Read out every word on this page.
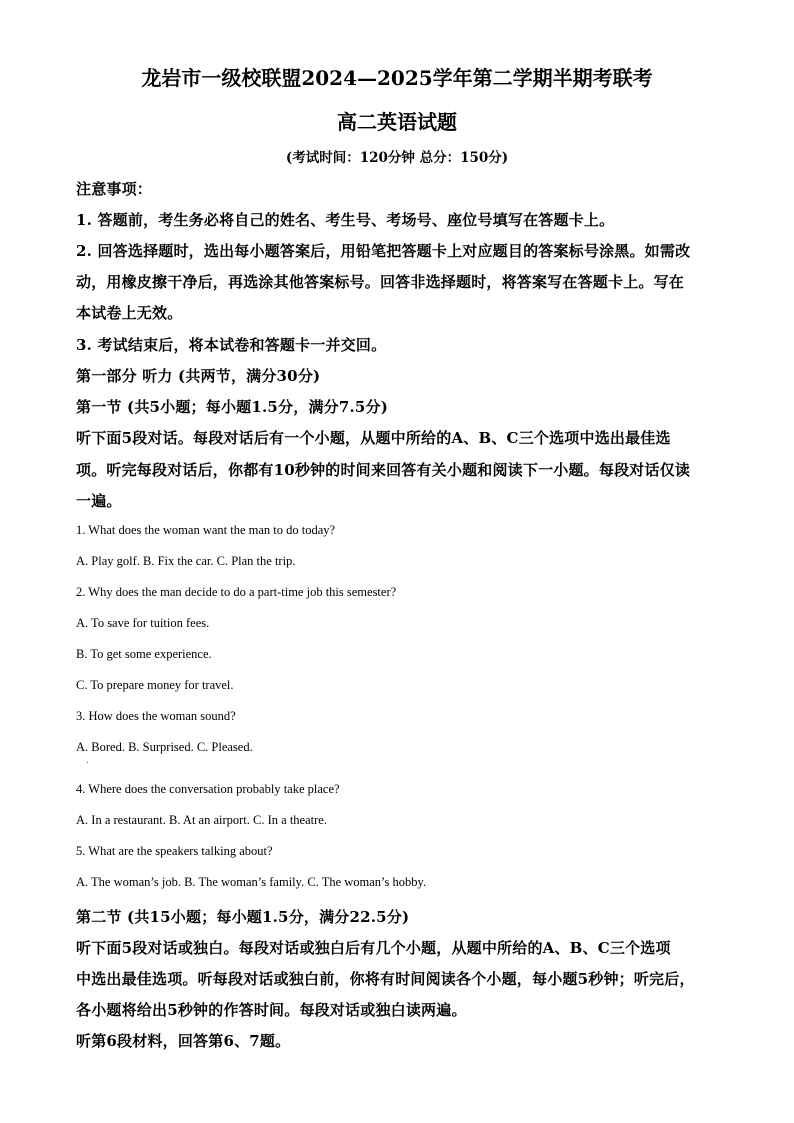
龙岩市一级校联盟2024—2025学年第二学期半期考联考
高二英语试题
(考试时间：120分钟 总分：150分)
注意事项：
1. 答题前，考生务必将自己的姓名、考生号、考场号、座位号填写在答题卡上。
2. 回答选择题时，选出每小题答案后，用铅笔把答题卡上对应题目的答案标号涂黑。如需改
动，用橡皮擦干净后，再选涂其他答案标号。回答非选择题时，将答案写在答题卡上。写在
本试卷上无效。
3. 考试结束后，将本试卷和答题卡一并交回。
第一部分 听力 (共两节，满分30分)
第一节 (共5小题；每小题1.5分，满分7.5分)
听下面5段对话。每段对话后有一个小题，从题中所给的A、B、C三个选项中选出最佳选
项。听完每段对话后，你都有10秒钟的时间来回答有关小题和阅读下一小题。每段对话仅读
一遍。
1. What does the woman want the man to do today?
A. Play golf. B. Fix the car. C. Plan the trip.
2. Why does the man decide to do a part-time job this semester?
A. To save for tuition fees.
B. To get some experience.
C. To prepare money for travel.
3. How does the woman sound?
A. Bored. B. Surprised. C. Pleased.
4. Where does the conversation probably take place?
A. In a restaurant. B. At an airport. C. In a theatre.
5. What are the speakers talking about?
A. The woman’s job. B. The woman’s family. C. The woman’s hobby.
第二节 (共15小题；每小题1.5分，满分22.5分)
听下面5段对话或独白。每段对话或独白后有几个小题，从题中所给的A、B、C三个选项
中选出最佳选项。听每段对话或独白前，你将有时间阅读各个小题，每小题5秒钟；听完后，
各小题将给出5秒钟的作答时间。每段对话或独白读两遍。
听第6段材料，回答第6、7题。
